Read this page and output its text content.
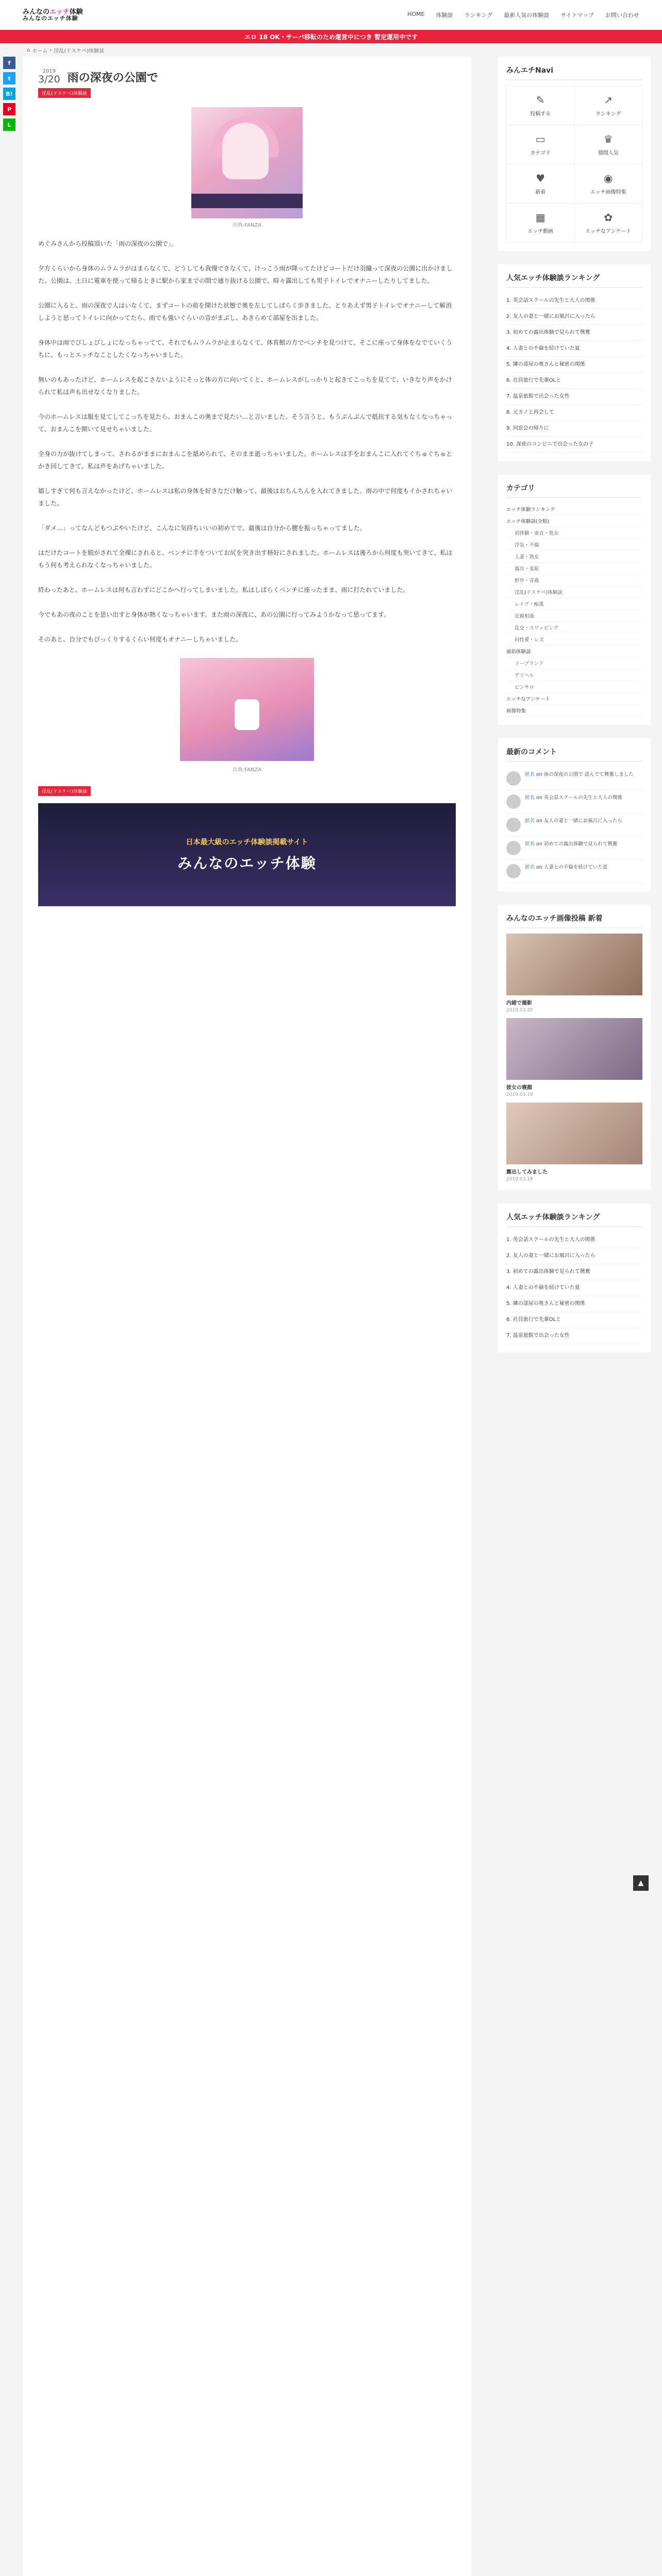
みんなのエッチ体験
みんなのエッチ体験
HOME 体験談 ランキング 最新人気の体験談 サイトマップ お問い合わせ
エロ 18 OK・サーバ移転のため運営中につき 暫定運用中です
⌂ ホーム › 淫乱(ドスケベ)体験談
f
t
B!
P
L
2019
3/20 雨の深夜の公園で
淫乱(ドスケベ)体験談
出典:FANZA

めぐみさんから投稿頂いた「雨の深夜の公園で」。

夕方くらいから身体のムラムラがはまらなくて、どうしても我慢できなくて、けっこう雨が降ってたけどコートだけ羽織って深夜の公園に出かけました。公園は、土日に電車を使って帰るときに駅から家までの間で通り抜ける公園で、時々露出しても男子トイレでオナニーしたりしてました。

公園に入ると、雨の深夜で人はいなくて、まずコートの前を開けた状態で奥を左してしばらく歩きました。とりあえず男子トイレでオナニーして解消しようと思ってトイレに向かってたら、雨でも強いぐらいの音がまぶし、あきらめて部屋を出ました。

身体中は雨でびしょびしょになっちゃってて、それでもムラムラが止まらなくて、体育館の方でベンチを見つけて、そこに座って身体をなでていくうちに、もっとエッチなことしたくなっちゃいました。

無いのもあったけど、ホームレスを起こさないようにそっと体の方に向いてくと、ホームレスがしっかりと起きてこっちを見てて、いきなり声をかけられて私は声も出せなくなりました。

今のホームレスは服を見てしてこっちを見たら、おまんこの奥まで見たい…と言いました。そう言うと、もうぶんぶんで抵抗する気もなくなっちゃって、おまんこを開いて見せちゃいました。

全身の力が抜けてしまって、されるがままにおまんこを舐められて、そのまま逝っちゃいました。ホームレスは手をおまんこに入れてぐちゅぐちゅとかき回してきて、私は声をあげちゃいました。

嬉しすぎて何も言えなかったけど、ホームレスは私の身体を好きなだけ触って、最後はおちんちんを入れてきました。雨の中で何度もイかされちゃいました。

「ダメ…」ってなんどもつぶやいたけど、こんなに気持ちいいの初めてで、最後は自分から腰を振っちゃってました。

はだけたコートを脱がされて全裸にされると、ベンチに手をついてお尻を突き出す格好にされました。ホームレスは後ろから何度も突いてきて、私はもう何も考えられなくなっちゃいました。

終わったあと、ホームレスは何も言わずにどこかへ行ってしまいました。私はしばらくベンチに座ったまま、雨に打たれていました。

今でもあの夜のことを思い出すと身体が熱くなっちゃいます。また雨の深夜に、あの公園に行ってみようかなって思ってます。

そのあと、自分でもびっくりするくらい何度もオナニーしちゃいました。

出典:FANZA
淫乱(ドスケベ)体験談
日本最大級のエッチ体験談掲載サイト
みんなのエッチ体験
みんエチNavi
✎
投稿する
↗
ランキング
▭
カテゴリ
♛
週間人気
♥
新着
◉
エッチ画像特集
▦
エッチ動画
✿
エッチなアンケート
人気エッチ体験談ランキング
1. 英会話スクールの先生と大人の関係
2. 友人の妻と一緒にお風呂に入ったら
3. 初めての露出体験で見られて興奮
4. 人妻との不倫を続けていた夏
5. 隣の部屋の奥さんと秘密の関係
6. 社員旅行で先輩OLと
7. 温泉旅館で出会った女性
8. 元カノと再会して
9. 同窓会の帰りに
10. 深夜のコンビニで出会った女の子
カテゴリ
エッチ体験ランキング
エッチ体験談(全般)
初体験・童貞・処女
浮気・不倫
人妻・熟女
露出・羞恥
野外・青姦
淫乱(ドスケベ)体験談
レイプ・痴漢
近親相姦
乱交・スワッピング
同性愛・レズ
風俗体験談
ソープランド
デリヘル
ピンサロ
エッチなアンケート
画像特集
最新のコメント
匿名 on 雨の深夜の公園で 読んでて興奮しました
匿名 on 英会話スクールの先生と大人の関係
匿名 on 友人の妻と一緒にお風呂に入ったら
匿名 on 初めての露出体験で見られて興奮
匿名 on 人妻との不倫を続けていた夏
みんなのエッチ画像投稿 新着
内緒で撮影
2019.03.20
彼女の寝顔
2019.03.19
露出してみました
2019.03.18
人気エッチ体験談ランキング
1. 英会話スクールの先生と大人の関係
2. 友人の妻と一緒にお風呂に入ったら
3. 初めての露出体験で見られて興奮
4. 人妻との不倫を続けていた夏
5. 隣の部屋の奥さんと秘密の関係
6. 社員旅行で先輩OLと
7. 温泉旅館で出会った女性
▲
